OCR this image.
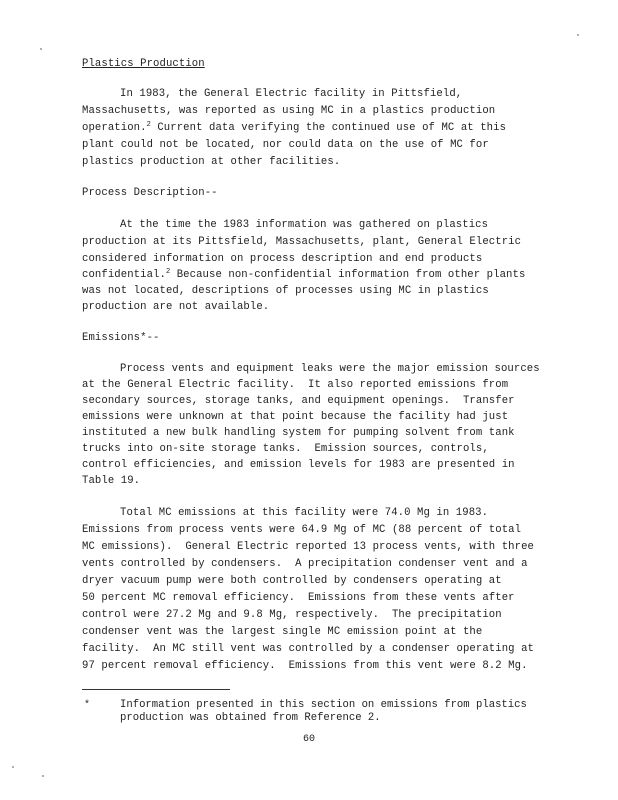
Plastics Production
In 1983, the General Electric facility in Pittsfield,
Massachusetts, was reported as using MC in a plastics production
operation.$^2$ Current data verifying the continued use of MC at this
plant could not be located, nor could data on the use of MC for
plastics production at other facilities.
Process Description--
At the time the 1983 information was gathered on plastics
production at its Pittsfield, Massachusetts, plant, General Electric
considered information on process description and end products
confidential.$^2$ Because non-confidential information from other plants
was not located, descriptions of processes using MC in plastics
production are not available.
Emissions*--
Process vents and equipment leaks were the major emission sources
at the General Electric facility.  It also reported emissions from
secondary sources, storage tanks, and equipment openings.  Transfer
emissions were unknown at that point because the facility had just
instituted a new bulk handling system for pumping solvent from tank
trucks into on-site storage tanks.  Emission sources, controls,
control efficiencies, and emission levels for 1983 are presented in
Table 19.
Total MC emissions at this facility were 74.0 Mg in 1983.
Emissions from process vents were 64.9 Mg of MC (88 percent of total
MC emissions).  General Electric reported 13 process vents, with three
vents controlled by condensers.  A precipitation condenser vent and a
dryer vacuum pump were both controlled by condensers operating at
50 percent MC removal efficiency.  Emissions from these vents after
control were 27.2 Mg and 9.8 Mg, respectively.  The precipitation
condenser vent was the largest single MC emission point at the
facility.  An MC still vent was controlled by a condenser operating at
97 percent removal efficiency.  Emissions from this vent were 8.2 Mg.
*	Information presented in this section on emissions from plastics
production was obtained from Reference 2.
60
